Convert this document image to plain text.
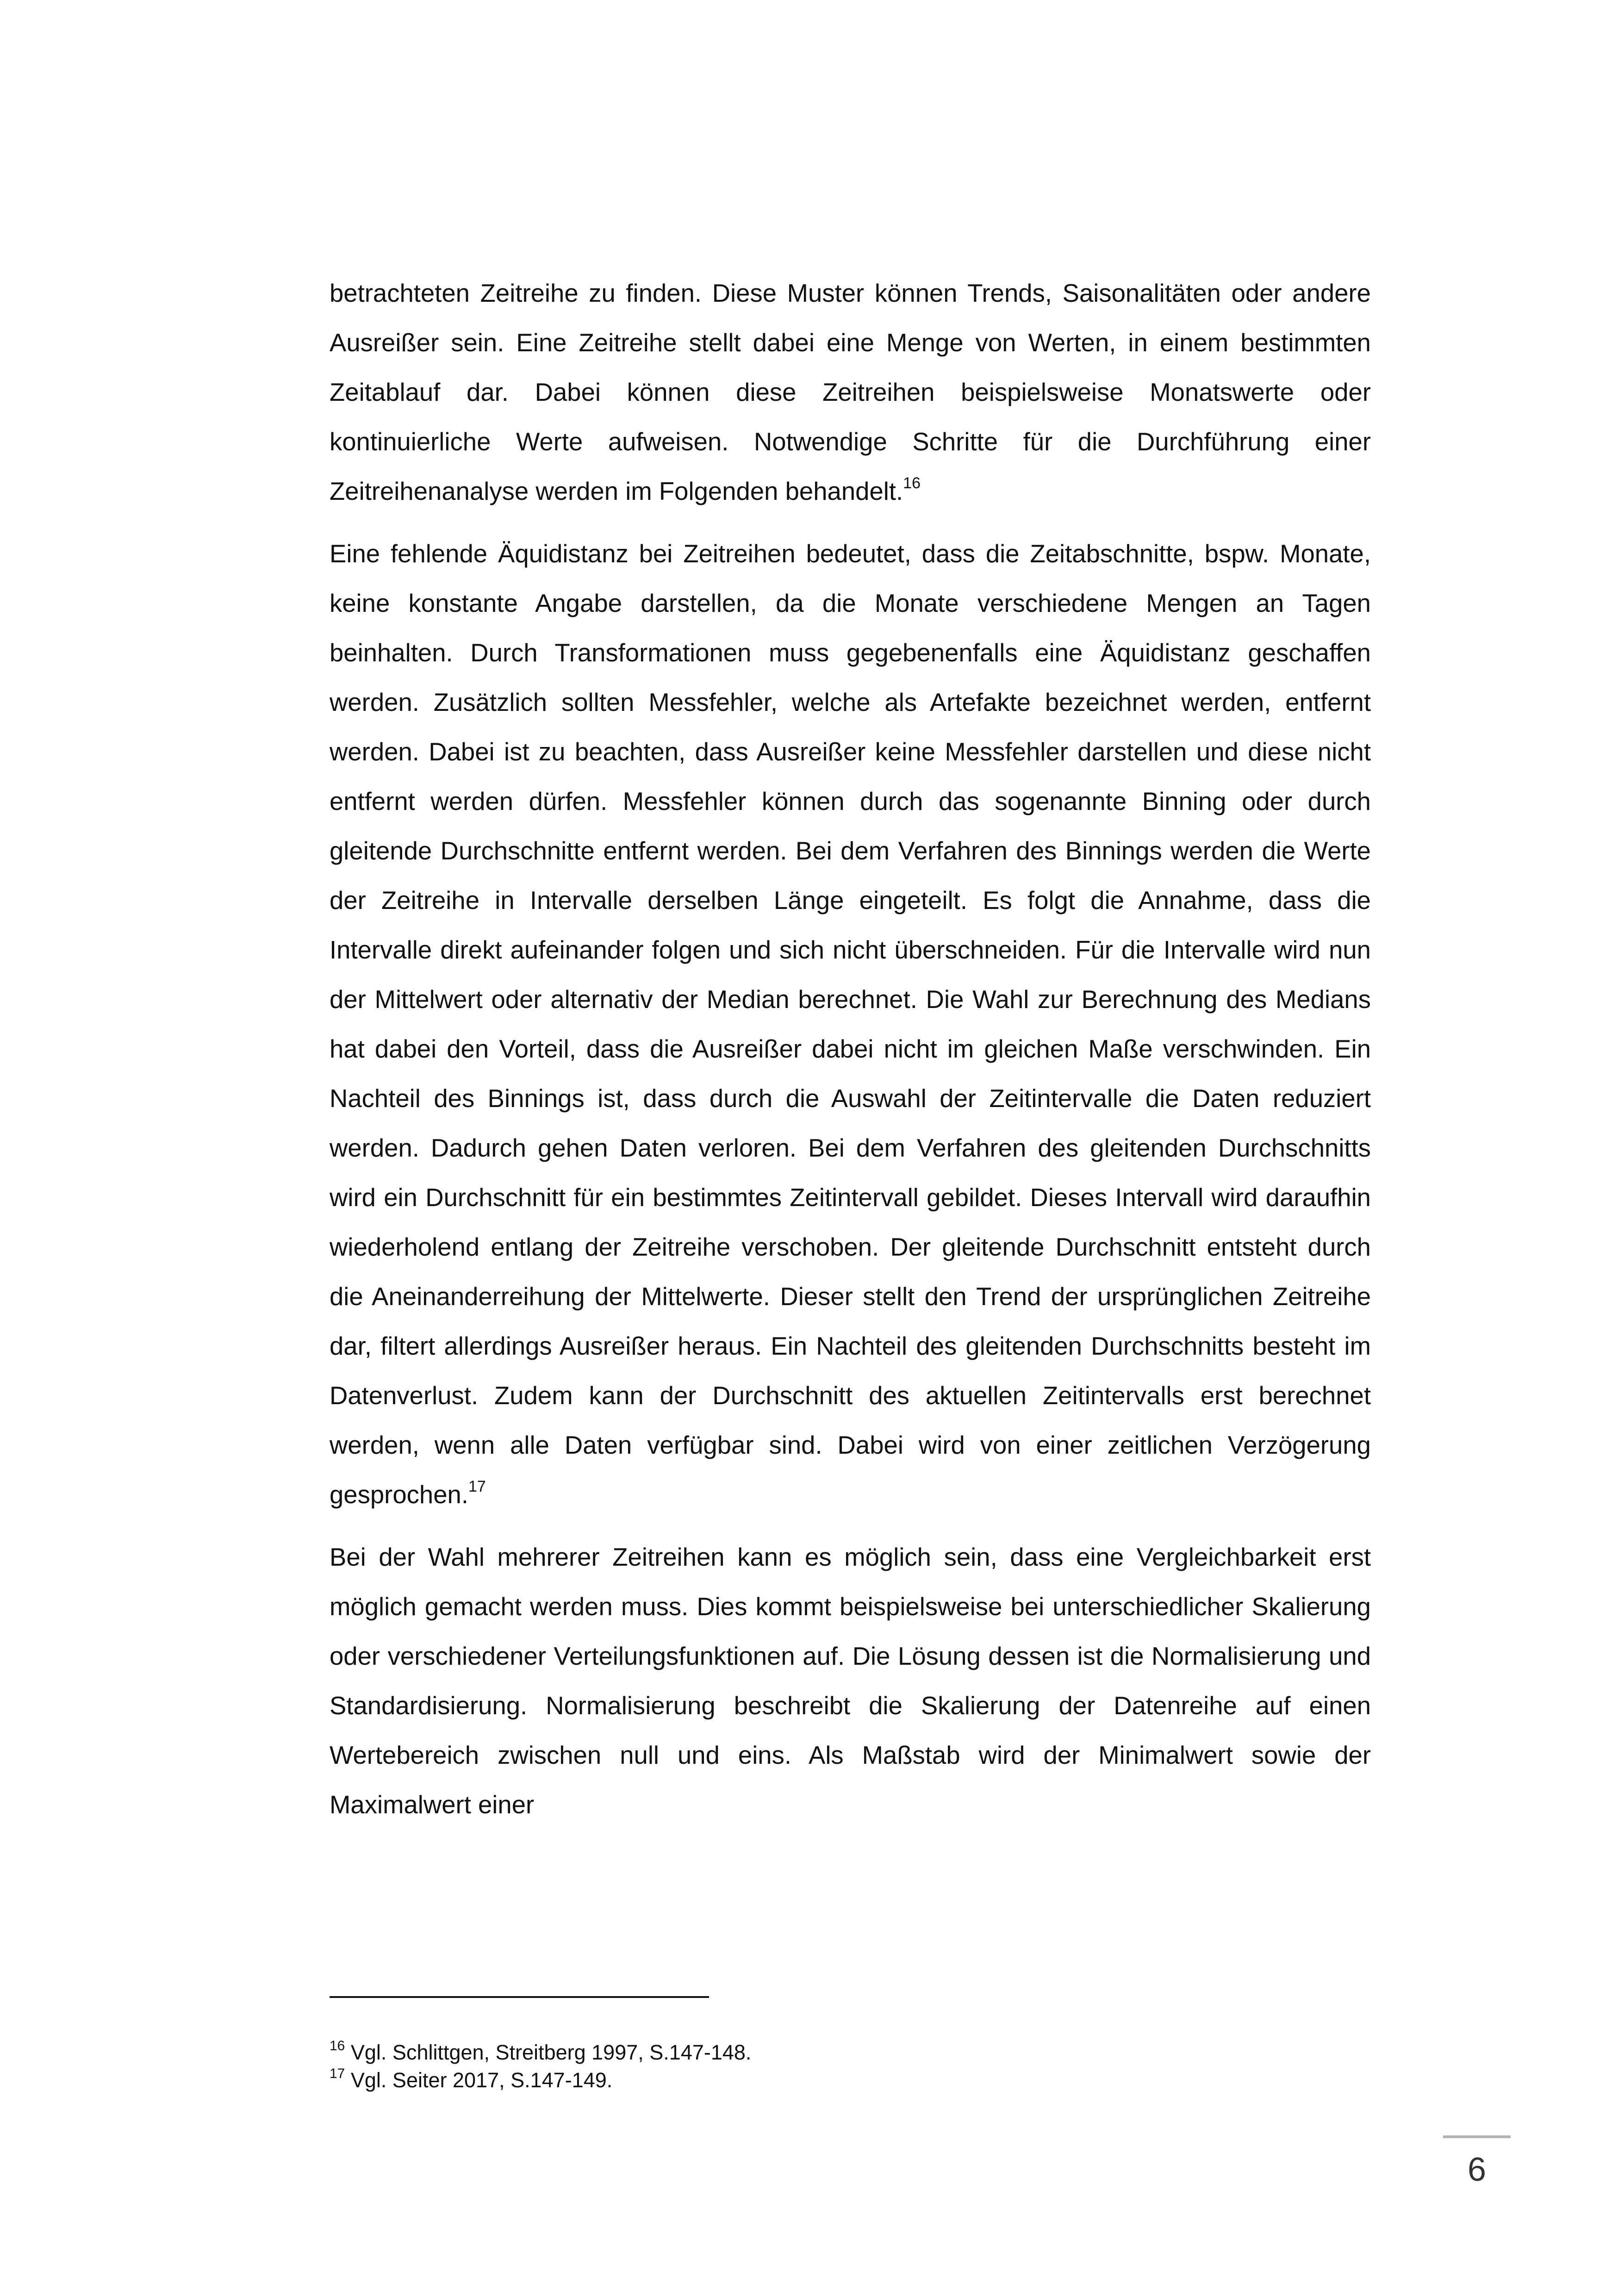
betrachteten Zeitreihe zu finden. Diese Muster können Trends, Saisonalitäten oder andere Ausreißer sein. Eine Zeitreihe stellt dabei eine Menge von Werten, in einem bestimmten Zeitablauf dar. Dabei können diese Zeitreihen beispielsweise Monatswerte oder kontinuierliche Werte aufweisen. Notwendige Schritte für die Durchführung einer Zeitreihenanalyse werden im Folgenden behandelt.$^{16}$

Eine fehlende Äquidistanz bei Zeitreihen bedeutet, dass die Zeitabschnitte, bspw. Monate, keine konstante Angabe darstellen, da die Monate verschiedene Mengen an Tagen beinhalten. Durch Transformationen muss gegebenenfalls eine Äquidistanz geschaffen werden. Zusätzlich sollten Messfehler, welche als Artefakte bezeichnet werden, entfernt werden. Dabei ist zu beachten, dass Ausreißer keine Messfehler darstellen und diese nicht entfernt werden dürfen. Messfehler können durch das sogenannte Binning oder durch gleitende Durchschnitte entfernt werden. Bei dem Verfahren des Binnings werden die Werte der Zeitreihe in Intervalle derselben Länge eingeteilt. Es folgt die Annahme, dass die Intervalle direkt aufeinander folgen und sich nicht überschneiden. Für die Intervalle wird nun der Mittelwert oder alternativ der Median berechnet. Die Wahl zur Berechnung des Medians hat dabei den Vorteil, dass die Ausreißer dabei nicht im gleichen Maße verschwinden. Ein Nachteil des Binnings ist, dass durch die Auswahl der Zeitintervalle die Daten reduziert werden. Dadurch gehen Daten verloren. Bei dem Verfahren des gleitenden Durchschnitts wird ein Durchschnitt für ein bestimmtes Zeitintervall gebildet. Dieses Intervall wird daraufhin wiederholend entlang der Zeitreihe verschoben. Der gleitende Durchschnitt entsteht durch die Aneinanderreihung der Mittelwerte. Dieser stellt den Trend der ursprünglichen Zeitreihe dar, filtert allerdings Ausreißer heraus. Ein Nachteil des gleitenden Durchschnitts besteht im Datenverlust. Zudem kann der Durchschnitt des aktuellen Zeitintervalls erst berechnet werden, wenn alle Daten verfügbar sind. Dabei wird von einer zeitlichen Verzögerung gesprochen.$^{17}$

Bei der Wahl mehrerer Zeitreihen kann es möglich sein, dass eine Vergleichbarkeit erst möglich gemacht werden muss. Dies kommt beispielsweise bei unterschiedlicher Skalierung oder verschiedener Verteilungsfunktionen auf. Die Lösung dessen ist die Normalisierung und Standardisierung. Normalisierung beschreibt die Skalierung der Datenreihe auf einen Wertebereich zwischen null und eins. Als Maßstab wird der Minimalwert sowie der Maximalwert einer

$^{16}$ Vgl. Schlittgen, Streitberg 1997, S.147-148.

$^{17}$ Vgl. Seiter 2017, S.147-149.

6
